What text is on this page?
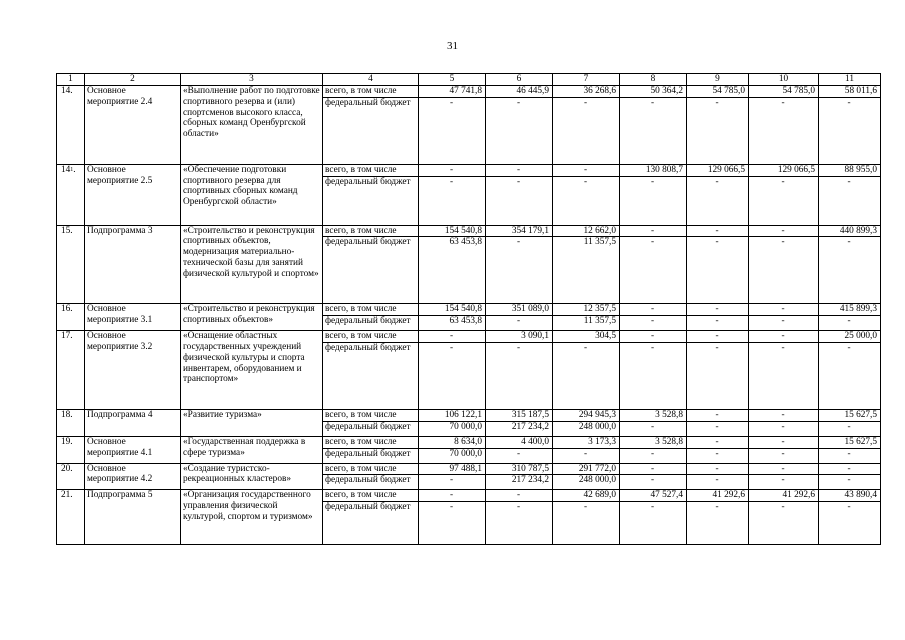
31
1	2	3	4	5	6	7	8	9	10	11
14.	Основное мероприятие 2.4	«Выполнение работ по подготовке спортивного резерва и (или) спортсменов высокого класса, сборных команд Оренбургской области»	всего, в том числе	47 741,8	46 445,9	36 268,6	50 364,2	54 785,0	54 785,0	58 011,6
			федеральный бюджет	-	-	-	-	-	-	-
$14^1$.	Основное мероприятие 2.5	«Обеспечение подготовки спортивного резерва для спортивных сборных команд Оренбургской области»	всего, в том числе	-	-	-	130 808,7	129 066,5	129 066,5	88 955,0
			федеральный бюджет	-	-	-	-	-	-	-
15.	Подпрограмма 3	«Строительство и реконструкция спортивных объектов, модернизация материально-технической базы для занятий физической культурой и спортом»	всего, в том числе	154 540,8	354 179,1	12 662,0	-	-	-	440 899,3
			федеральный бюджет	63 453,8	-	11 357,5	-	-	-	-
16.	Основное мероприятие 3.1	«Строительство и реконструкция спортивных объектов»	всего, в том числе	154 540,8	351 089,0	12 357,5	-	-	-	415 899,3
			федеральный бюджет	63 453,8	-	11 357,5	-	-	-	-
17.	Основное мероприятие 3.2	«Оснащение областных государственных учреждений физической культуры и спорта инвентарем, оборудованием и транспортом»	всего, в том числе	-	3 090,1	304,5	-	-	-	25 000,0
			федеральный бюджет	-	-	-	-	-	-	-
18.	Подпрограмма 4	«Развитие туризма»	всего, в том числе	106 122,1	315 187,5	294 945,3	3 528,8	-	-	15 627,5
			федеральный бюджет	70 000,0	217 234,2	248 000,0	-	-	-	-
19.	Основное мероприятие 4.1	«Государственная поддержка в сфере туризма»	всего, в том числе	8 634,0	4 400,0	3 173,3	3 528,8	-	-	15 627,5
			федеральный бюджет	70 000,0	-	-	-	-	-	-
20.	Основное мероприятие 4.2	«Создание туристско-рекреационных кластеров»	всего, в том числе	97 488,1	310 787,5	291 772,0	-	-	-	-
			федеральный бюджет	-	217 234,2	248 000,0	-	-	-	-
21.	Подпрограмма 5	«Организация государственного управления физической культурой, спортом и туризмом»	всего, в том числе	-	-	42 689,0	47 527,4	41 292,6	41 292,6	43 890,4
			федеральный бюджет	-	-	-	-	-	-	-
